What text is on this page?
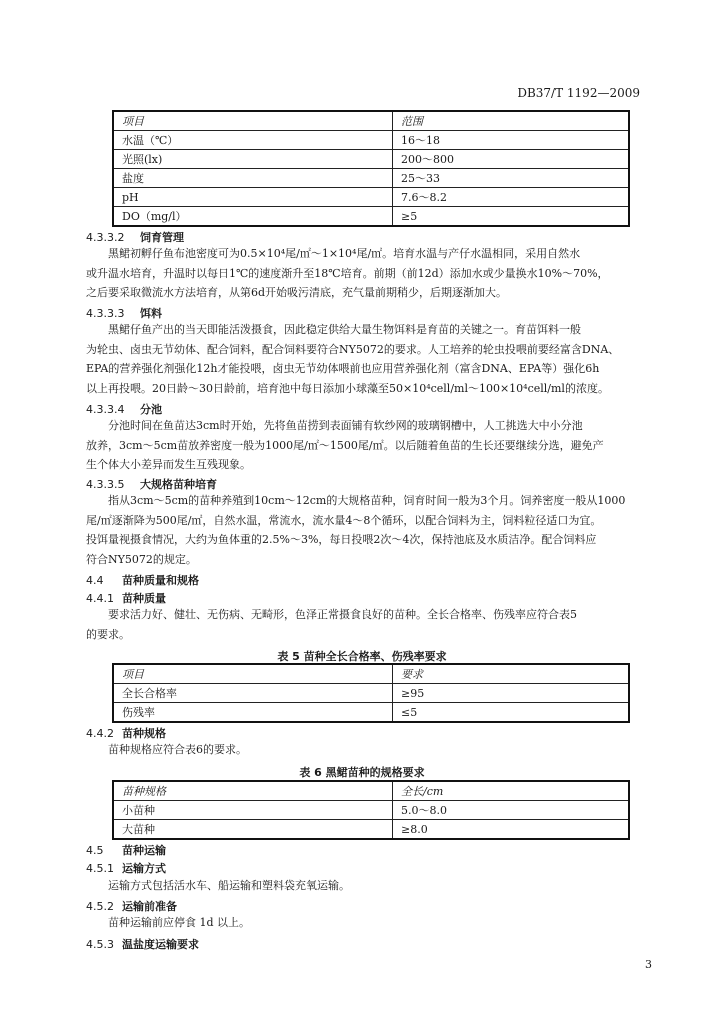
DB37/T 1192—2009
项目	范围
水温（℃）	16～18
光照(lx)	200～800
盐度	25～33
pH	7.6～8.2
DO（mg/l）	≥5
4.3.3.2 饲育管理
黑鲪初孵仔鱼布池密度可为0.5×10⁴尾/㎡～1×10⁴尾/㎡。培育水温与产仔水温相同，采用自然水
或升温水培育，升温时以每日1℃的速度渐升至18℃培育。前期（前12d）添加水或少量换水10%～70%，
之后要采取微流水方法培育，从第6d开始吸污清底，充气量前期稍少，后期逐渐加大。
4.3.3.3 饵料
黑鲪仔鱼产出的当天即能活泼摄食，因此稳定供给大量生物饵料是育苗的关键之一。育苗饵料一般
为轮虫、卤虫无节幼体、配合饲料，配合饲料要符合NY5072的要求。人工培养的轮虫投喂前要经富含DNA、
EPA的营养强化剂强化12h才能投喂，卤虫无节幼体喂前也应用营养强化剂（富含DNA、EPA等）强化6h
以上再投喂。20日龄～30日龄前，培育池中每日添加小球藻至50×10⁴cell/ml～100×10⁴cell/ml的浓度。
4.3.3.4 分池
分池时间在鱼苗达3cm时开始，先将鱼苗捞到表面铺有软纱网的玻璃钢槽中，人工挑选大中小分池
放养，3cm～5cm苗放养密度一般为1000尾/㎡～1500尾/㎡。以后随着鱼苗的生长还要继续分选，避免产
生个体大小差异而发生互残现象。
4.3.3.5 大规格苗种培育
指从3cm～5cm的苗种养殖到10cm～12cm的大规格苗种，饲育时间一般为3个月。饲养密度一般从1000
尾/㎡逐渐降为500尾/㎡，自然水温，常流水，流水量4～8个循环，以配合饲料为主，饲料粒径适口为宜。
投饵量视摄食情况，大约为鱼体重的2.5%～3%，每日投喂2次～4次，保持池底及水质洁净。配合饲料应
符合NY5072的规定。
4.4 苗种质量和规格
4.4.1 苗种质量
要求活力好、健壮、无伤病、无畸形，色泽正常摄食良好的苗种。全长合格率、伤残率应符合表5
的要求。
表 5 苗种全长合格率、伤残率要求
项目	要求
全长合格率	≥95
伤残率	≤5
4.4.2 苗种规格
苗种规格应符合表6的要求。
表 6 黑鲪苗种的规格要求
苗种规格	全长/cm
小苗种	5.0～8.0
大苗种	≥8.0
4.5 苗种运输
4.5.1 运输方式
运输方式包括活水车、船运输和塑料袋充氧运输。
4.5.2 运输前准备
苗种运输前应停食 1d 以上。
4.5.3 温盐度运输要求
3
